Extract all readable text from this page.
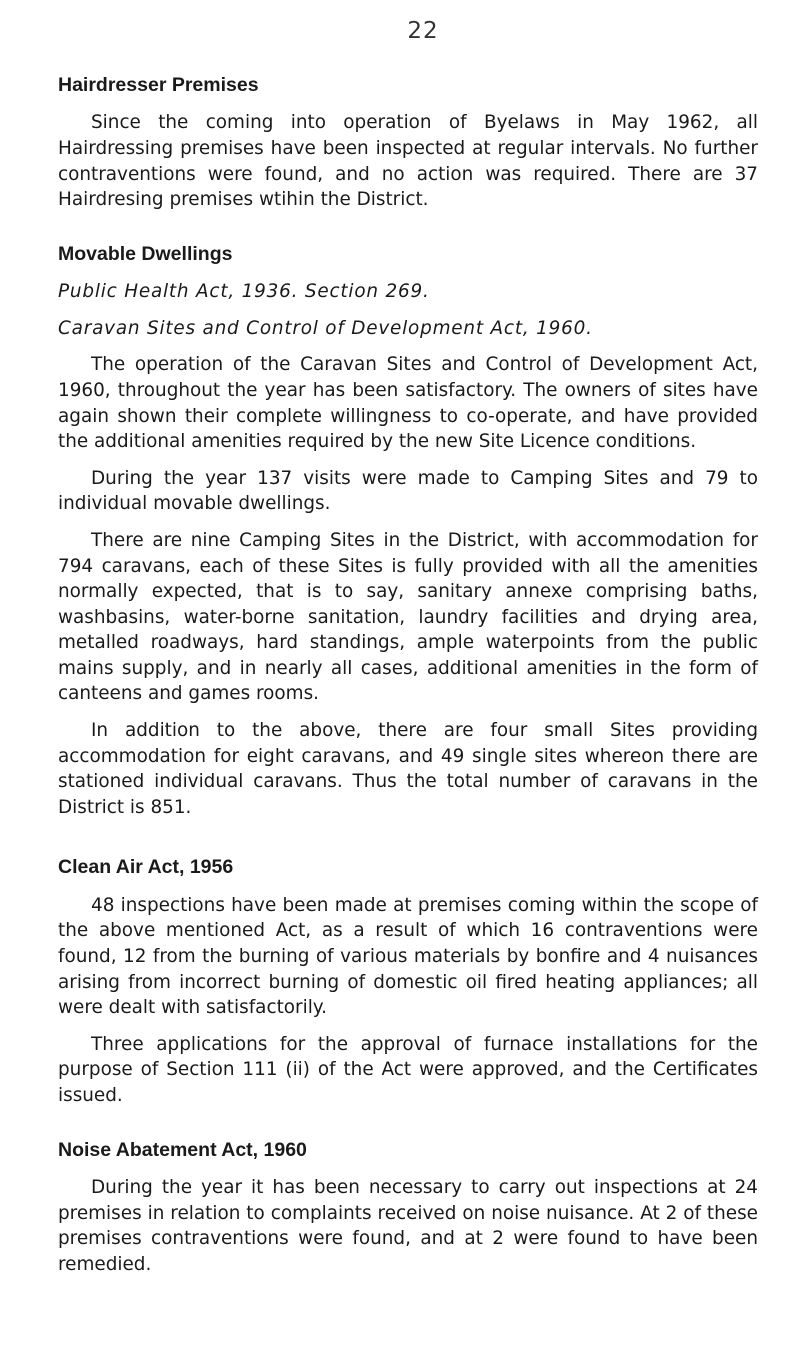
22
Hairdresser Premises

Since the coming into operation of Byelaws in May 1962, all Hairdressing premises have been inspected at regular intervals. No further contraventions were found, and no action was required. There are 37 Hairdresing premises wtihin the District.

Movable Dwellings
Public Health Act, 1936. Section 269.
Caravan Sites and Control of Development Act, 1960.

The operation of the Caravan Sites and Control of Development Act, 1960, throughout the year has been satisfactory. The owners of sites have again shown their complete willingness to co-operate, and have provided the additional amenities required by the new Site Licence conditions.

During the year 137 visits were made to Camping Sites and 79 to individual movable dwellings.

There are nine Camping Sites in the District, with accommodation for 794 caravans, each of these Sites is fully provided with all the amenities normally expected, that is to say, sanitary annexe comprising baths, washbasins, water-borne sanitation, laundry facilities and drying area, metalled roadways, hard standings, ample waterpoints from the public mains supply, and in nearly all cases, additional amenities in the form of canteens and games rooms.

In addition to the above, there are four small Sites providing accommodation for eight caravans, and 49 single sites whereon there are stationed individual caravans. Thus the total number of caravans in the District is 851.

Clean Air Act, 1956

48 inspections have been made at premises coming within the scope of the above mentioned Act, as a result of which 16 contraventions were found, 12 from the burning of various materials by bonfire and 4 nuisances arising from incorrect burning of domestic oil fired heating appliances; all were dealt with satisfactorily.

Three applications for the approval of furnace installations for the purpose of Section 111 (ii) of the Act were approved, and the Certificates issued.

Noise Abatement Act, 1960

During the year it has been necessary to carry out inspections at 24 premises in relation to complaints received on noise nuisance. At 2 of these premises contraventions were found, and at 2 were found to have been remedied.
